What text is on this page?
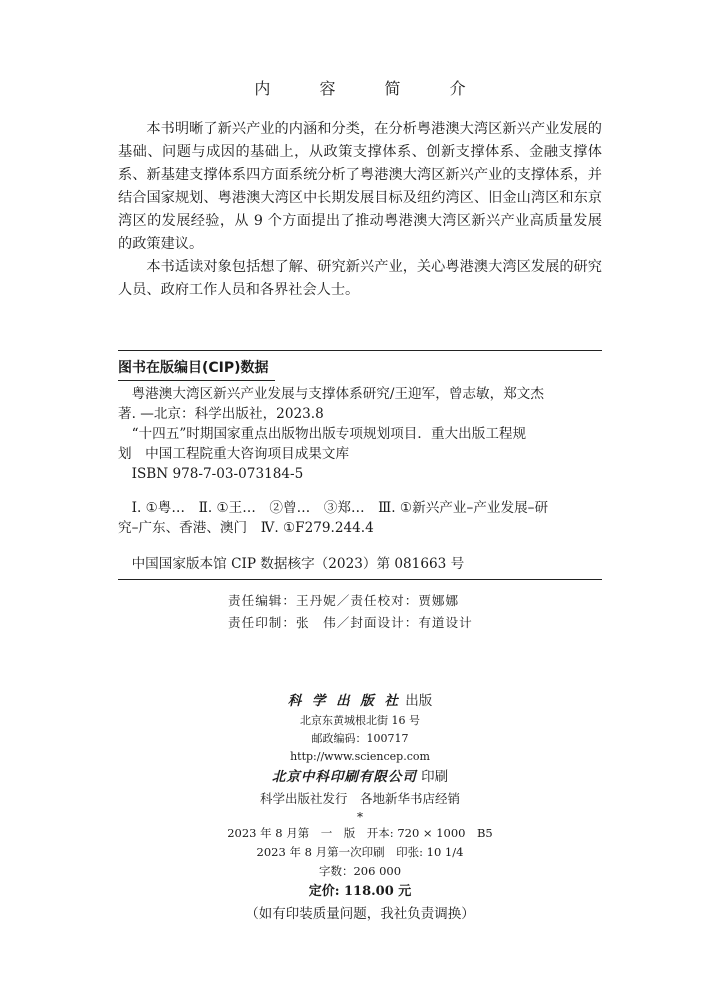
内 容 简 介

本书明晰了新兴产业的内涵和分类，在分析粤港澳大湾区新兴产业发展的基础、问题与成因的基础上，从政策支撑体系、创新支撑体系、金融支撑体系、新基建支撑体系四方面系统分析了粤港澳大湾区新兴产业的支撑体系，并结合国家规划、粤港澳大湾区中长期发展目标及纽约湾区、旧金山湾区和东京湾区的发展经验，从 9 个方面提出了推动粤港澳大湾区新兴产业高质量发展的政策建议。

本书适读对象包括想了解、研究新兴产业，关心粤港澳大湾区发展的研究人员、政府工作人员和各界社会人士。

图书在版编目(CIP)数据
粤港澳大湾区新兴产业发展与支撑体系研究/王迎军，曾志敏，郑文杰
著. —北京：科学出版社，2023.8
“十四五”时期国家重点出版物出版专项规划项目．重大出版工程规
划　中国工程院重大咨询项目成果文库
ISBN 978-7-03-073184-5
Ⅰ. ①粤…　Ⅱ. ①王…　②曾…　③郑…　Ⅲ. ①新兴产业–产业发展–研
究–广东、香港、澳门　Ⅳ. ①F279.244.4
中国国家版本馆 CIP 数据核字（2023）第 081663 号
责任编辑：王丹妮／责任校对：贾娜娜
责任印制：张　伟／封面设计：有道设计
科 学 出 版 社 出版
北京东黄城根北街 16 号
邮政编码：100717
http://www.sciencep.com
北京中科印刷有限公司 印刷
科学出版社发行　各地新华书店经销
*
2023 年 8 月第　一　版　开本: 720 × 1000　B5
2023 年 8 月第一次印刷　印张: 10 1/4
字数：206 000
定价: 118.00 元
（如有印装质量问题，我社负责调换）
